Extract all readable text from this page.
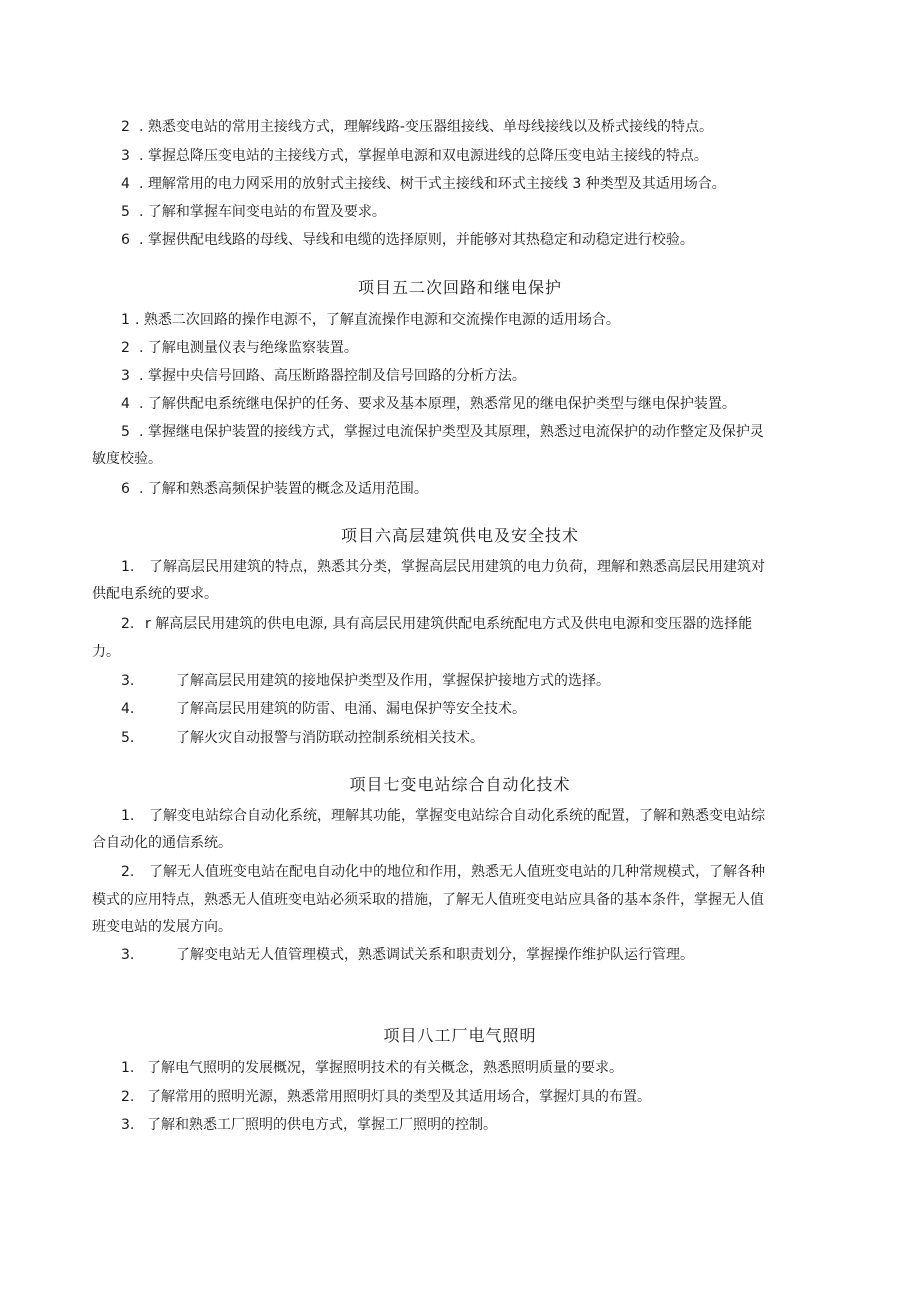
2 . 熟悉变电站的常用主接线方式，理解线路-变压器组接线、单母线接线以及桥式接线的特点。
3 . 掌握总降压变电站的主接线方式，掌握单电源和双电源进线的总降压变电站主接线的特点。
4 . 理解常用的电力网采用的放射式主接线、树干式主接线和环式主接线 3 种类型及其适用场合。
5 . 了解和掌握车间变电站的布置及要求。
6 . 掌握供配电线路的母线、导线和电缆的选择原则，并能够对其热稳定和动稳定进行校验。
项目五二次回路和继电保护
1 . 熟悉二次回路的操作电源不，了解直流操作电源和交流操作电源的适用场合。
2 . 了解电测量仪表与绝缘监察装置。
3 . 掌握中央信号回路、高压断路器控制及信号回路的分析方法。
4 . 了解供配电系统继电保护的任务、要求及基本原理，熟悉常见的继电保护类型与继电保护装置。
5 . 掌握继电保护装置的接线方式，掌握过电流保护类型及其原理，熟悉过电流保护的动作整定及保护灵
敏度校验。
6 . 了解和熟悉高频保护装置的概念及适用范围。
项目六高层建筑供电及安全技术
1. 了解高层民用建筑的特点，熟悉其分类，掌握高层民用建筑的电力负荷，理解和熟悉高层民用建筑对
供配电系统的要求。
2. r 解高层民用建筑的供电电源, 具有高层民用建筑供配电系统配电方式及供电电源和变压器的选择能
力。
3.	了解高层民用建筑的接地保护类型及作用，掌握保护接地方式的选择。
4.	了解高层民用建筑的防雷、电涌、漏电保护等安全技术。
5.	了解火灾自动报警与消防联动控制系统相关技术。
项目七变电站综合自动化技术
1. 了解变电站综合自动化系统，理解其功能，掌握变电站综合自动化系统的配置，了解和熟悉变电站综
合自动化的通信系统。
2. 了解无人值班变电站在配电自动化中的地位和作用，熟悉无人值班变电站的几种常规模式，了解各种
模式的应用特点，熟悉无人值班变电站必须采取的措施，了解无人值班变电站应具备的基本条件，掌握无人值
班变电站的发展方向。
3.	了解变电站无人值管理模式，熟悉调试关系和职责划分，掌握操作维护队运行管理。
项目八工厂电气照明
1. 了解电气照明的发展概况，掌握照明技术的有关概念，熟悉照明质量的要求。
2. 了解常用的照明光源，熟悉常用照明灯具的类型及其适用场合，掌握灯具的布置。
3. 了解和熟悉工厂照明的供电方式，掌握工厂照明的控制。
